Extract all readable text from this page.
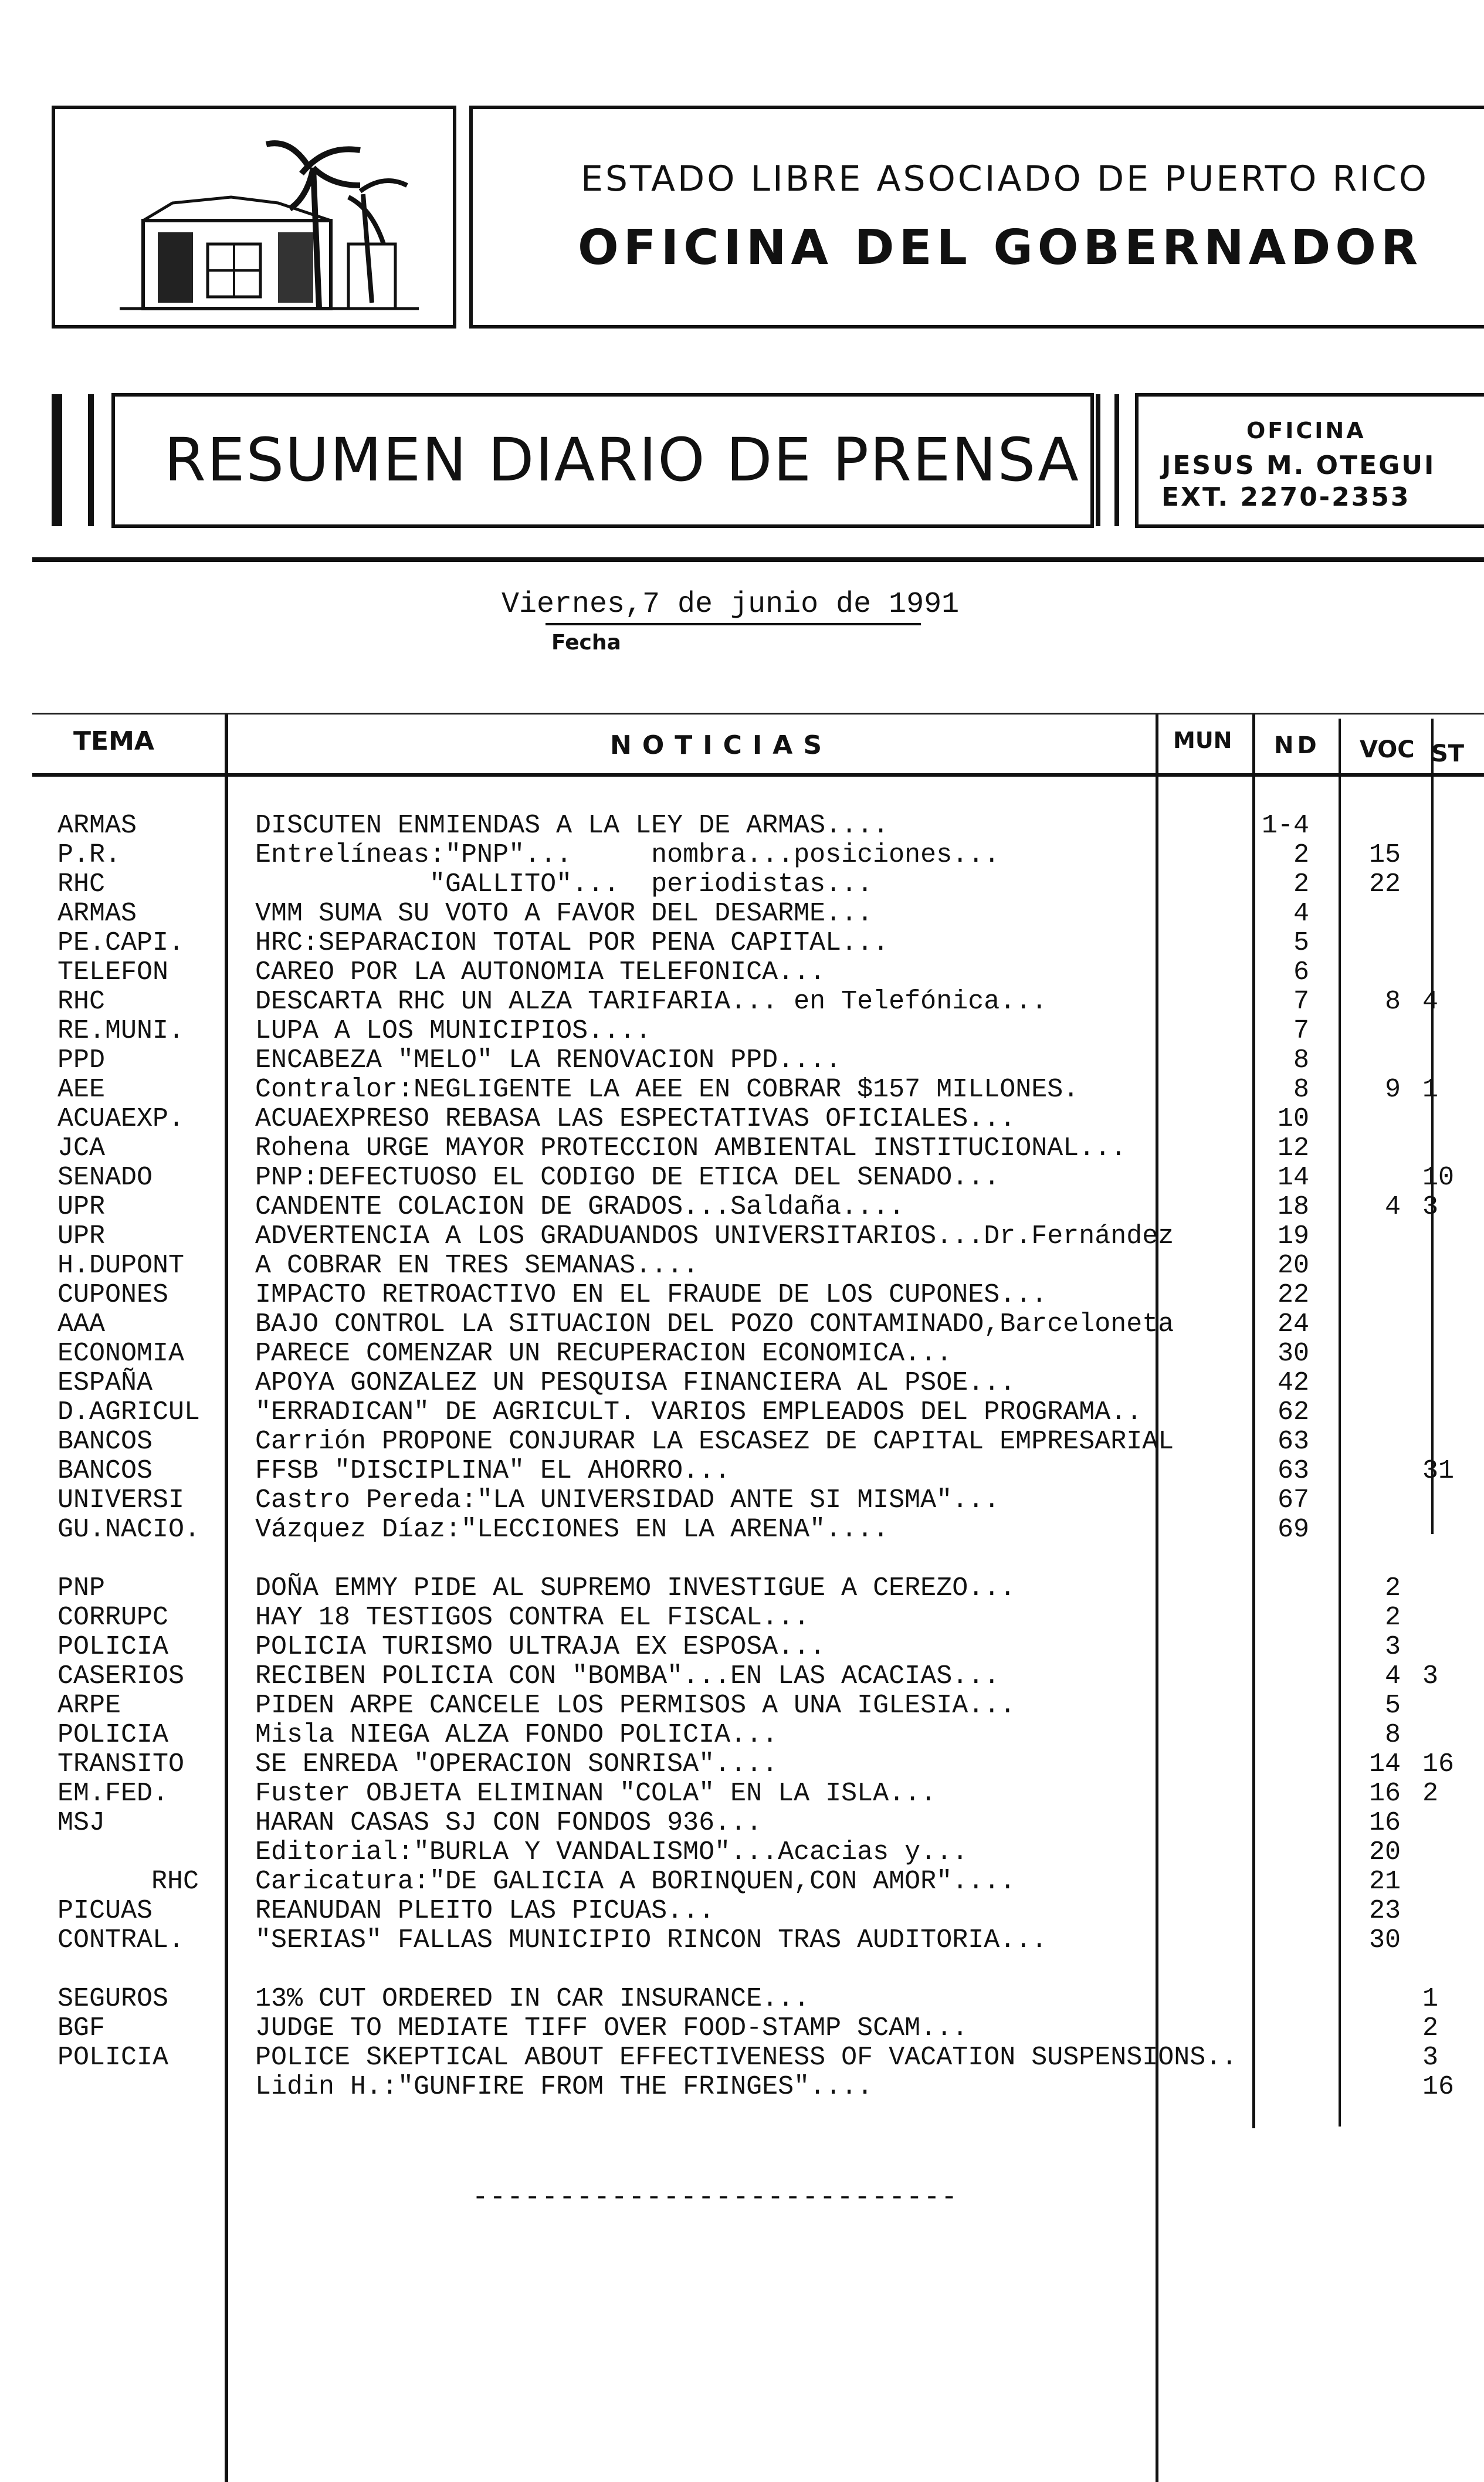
ESTADO LIBRE ASOCIADO DE PUERTO RICO
OFICINA DEL GOBERNADOR
RESUMEN DIARIO DE PRENSA	OFICINA
JESUS M. OTEGUI
EXT. 2270-2353
Viernes,7 de junio de 1991
Fecha
TEMA	NOTICIAS	MUN ND VOC ST
ARMAS	DISCUTEN ENMIENDAS A LA LEY DE ARMAS....	1-4
P.R.	Entrelíneas:"PNP"...     nombra...posiciones...	2	15
RHC	"GALLITO"...  periodistas...	2	22
ARMAS	VMM SUMA SU VOTO A FAVOR DEL DESARME...	4
PE.CAPI.	HRC:SEPARACION TOTAL POR PENA CAPITAL...	5
TELEFON	CAREO POR LA AUTONOMIA TELEFONICA...	6
RHC	DESCARTA RHC UN ALZA TARIFARIA... en Telefónica...	7	8 4
RE.MUNI.	LUPA A LOS MUNICIPIOS....	7
PPD	ENCABEZA "MELO" LA RENOVACION PPD....	8
AEE	Contralor:NEGLIGENTE LA AEE EN COBRAR $157 MILLONES.	8	9 1
ACUAEXP.	ACUAEXPRESO REBASA LAS ESPECTATIVAS OFICIALES...	10
JCA	Rohena URGE MAYOR PROTECCION AMBIENTAL INSTITUCIONAL...	12
SENADO	PNP:DEFECTUOSO EL CODIGO DE ETICA DEL SENADO...	14	10
UPR	CANDENTE COLACION DE GRADOS...Saldaña....	18	4 3
UPR	ADVERTENCIA A LOS GRADUANDOS UNIVERSITARIOS...Dr.Fernández	19
H.DUPONT	A COBRAR EN TRES SEMANAS....	20
CUPONES	IMPACTO RETROACTIVO EN EL FRAUDE DE LOS CUPONES...	22
AAA	BAJO CONTROL LA SITUACION DEL POZO CONTAMINADO,Barceloneta	24
ECONOMIA	PARECE COMENZAR UN RECUPERACION ECONOMICA...	30
ESPAÑA	APOYA GONZALEZ UN PESQUISA FINANCIERA AL PSOE...	42
D.AGRICUL "ERRADICAN" DE AGRICULT. VARIOS EMPLEADOS DEL PROGRAMA..	62
BANCOS	Carrión PROPONE CONJURAR LA ESCASEZ DE CAPITAL EMPRESARIAL	63
BANCOS	FFSB "DISCIPLINA" EL AHORRO...	63	31
UNIVERSI	Castro Pereda:"LA UNIVERSIDAD ANTE SI MISMA"...	67
GU.NACIO. Vázquez Díaz:"LECCIONES EN LA ARENA"....	69
PNP	DOÑA EMMY PIDE AL SUPREMO INVESTIGUE A CEREZO...	2
CORRUPC	HAY 18 TESTIGOS CONTRA EL FISCAL...	2
POLICIA	POLICIA TURISMO ULTRAJA EX ESPOSA...	3
CASERIOS	RECIBEN POLICIA CON "BOMBA"...EN LAS ACACIAS...	4 3
ARPE	PIDEN ARPE CANCELE LOS PERMISOS A UNA IGLESIA...	5
POLICIA	Misla NIEGA ALZA FONDO POLICIA...	8
TRANSITO	SE ENREDA "OPERACION SONRISA"....	14 16
EM.FED.	Fuster OBJETA ELIMINAN "COLA" EN LA ISLA...	16 2
MSJ	HARAN CASAS SJ CON FONDOS 936...	16
Editorial:"BURLA Y VANDALISMO"...Acacias y...	20
RHC Caricatura:"DE GALICIA A BORINQUEN,CON AMOR"....	21
PICUAS	REANUDAN PLEITO LAS PICUAS...	23
CONTRAL.	"SERIAS" FALLAS MUNICIPIO RINCON TRAS AUDITORIA...	30
SEGUROS	13% CUT ORDERED IN CAR INSURANCE...	1
BGF	JUDGE TO MEDIATE TIFF OVER FOOD-STAMP SCAM...	2
POLICIA	POLICE SKEPTICAL ABOUT EFFECTIVENESS OF VACATION SUSPENSIONS..	3
Lidin H.:"GUNFIRE FROM THE FRINGES"....	16
----------------------------
